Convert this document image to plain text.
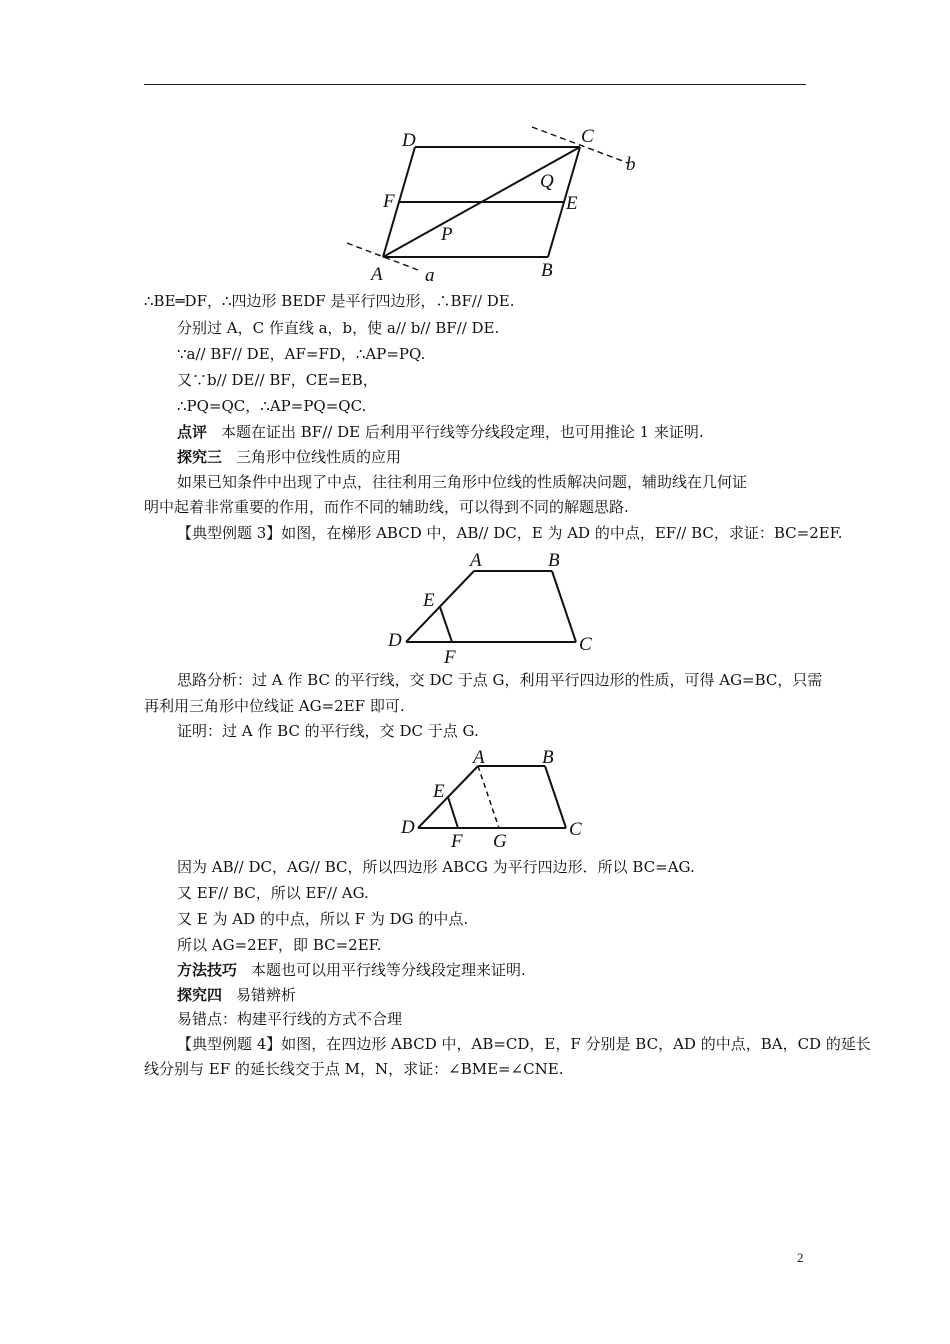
D	C
b
Q
F	E
P
A a	B
∴BE═DF，∴四边形 BEDF 是平行四边形，∴BF// DE.
分别过 A，C 作直线 a，b，使 a// b// BF// DE.
∵a// BF// DE，AF=FD，∴AP=PQ.
又∵b// DE// BF，CE=EB，
∴PQ=QC，∴AP=PQ=QC.
点评 本题在证出 BF// DE 后利用平行线等分线段定理，也可用推论 1 来证明.
探究三 三角形中位线性质的应用
如果已知条件中出现了中点，往往利用三角形中位线的性质解决问题，辅助线在几何证
明中起着非常重要的作用，而作不同的辅助线，可以得到不同的解题思路.
【典型例题 3】如图，在梯形 ABCD 中，AB// DC，E 为 AD 的中点，EF// BC，求证：BC=2EF.
A	B
E
D	C
F
思路分析：过 A 作 BC 的平行线，交 DC 于点 G，利用平行四边形的性质，可得 AG=BC，只需
再利用三角形中位线证 AG=2EF 即可.
证明：过 A 作 BC 的平行线，交 DC 于点 G.
A	B
E
D
F G
C
因为 AB// DC，AG// BC，所以四边形 ABCG 为平行四边形．所以 BC=AG.
又 EF// BC，所以 EF// AG.
又 E 为 AD 的中点，所以 F 为 DG 的中点.
所以 AG=2EF，即 BC=2EF.
方法技巧 本题也可以用平行线等分线段定理来证明.
探究四 易错辨析
易错点：构建平行线的方式不合理
【典型例题 4】如图，在四边形 ABCD 中，AB=CD，E，F 分别是 BC，AD 的中点，BA，CD 的延长
线分别与 EF 的延长线交于点 M，N，求证：∠BME=∠CNE.
2
